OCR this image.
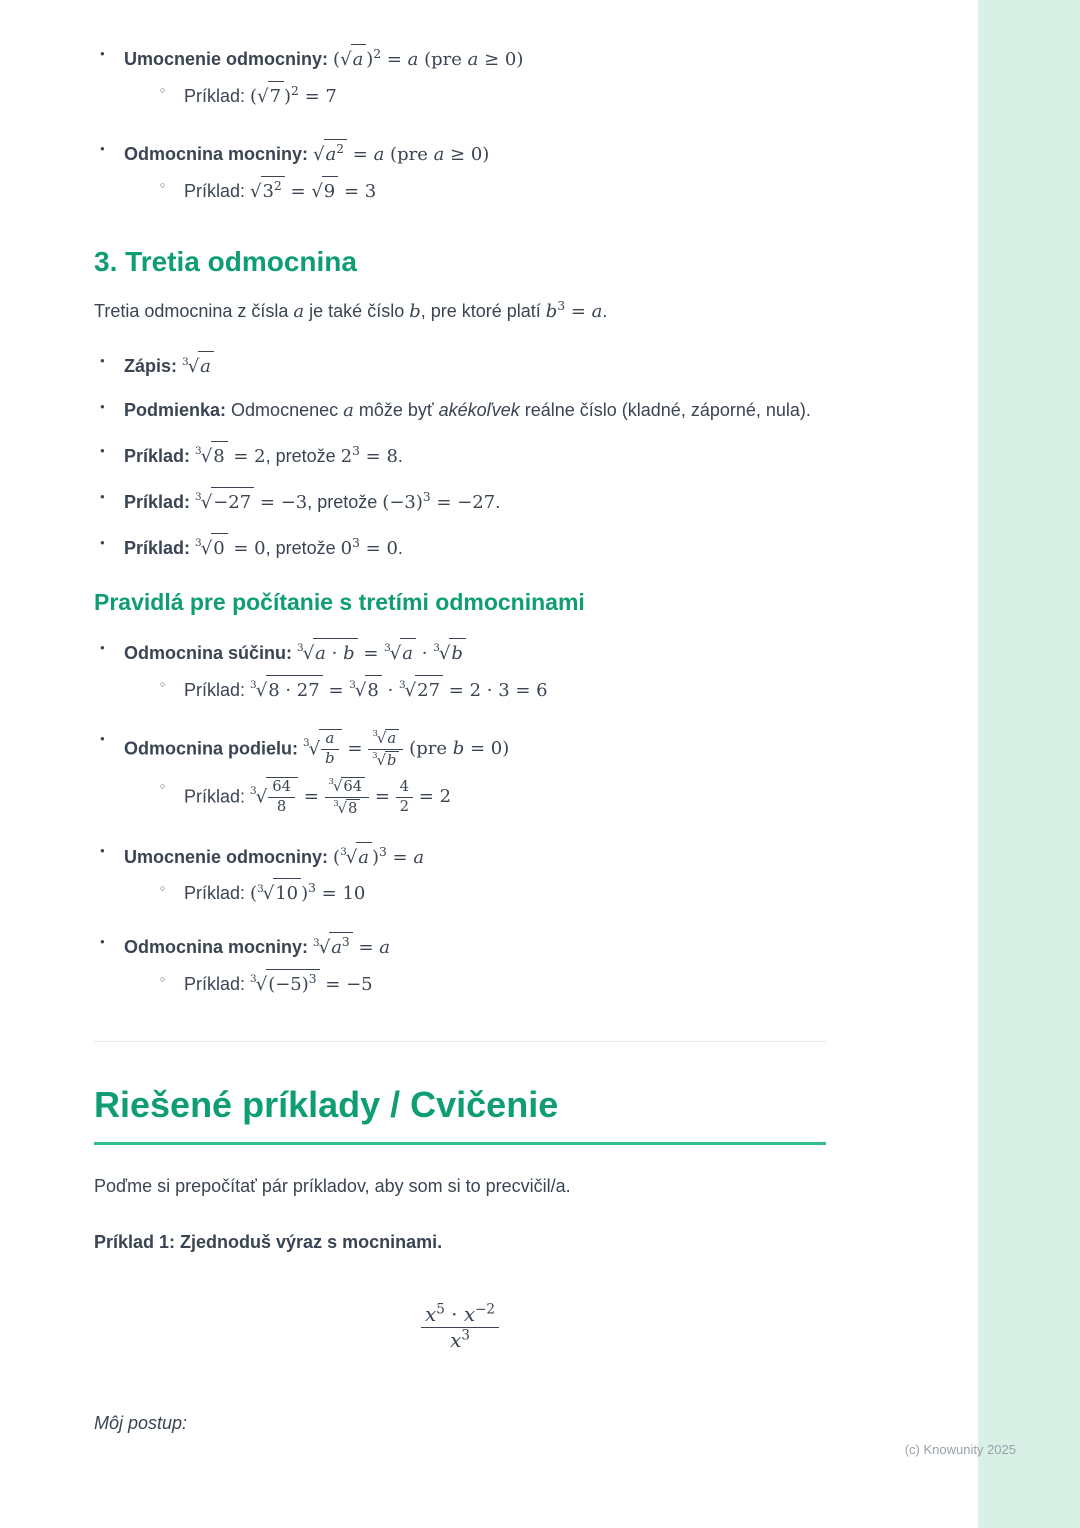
● Umocnenie odmocniny: (√a )$^2$ = a (pre a ≥ 0)
○ Príklad: (√7 )$^2$ = 7
● Odmocnina mocniny: $√a^2 = a$ (pre a ≥ 0)
○ Príklad: $√3^2 = √9 = 3$
3. Tretia odmocnina

Tretia odmocnina z čísla a je také číslo b, pre ktoré platí $b^3 = a$.

● Zápis: $^3$√a
● Podmienka: Odmocnenec a môže byť akékoľvek reálne číslo (kladné, záporné, nula).
● Príklad: $^3$√8 = 2, pretože $2^3 = 8$.
● Príklad: $^3$√−27 = −3, pretože $(-3)^3 = -27$.
● Príklad: $^3$√0 = 0, pretože $0^3 = 0$.
Pravidlá pre počítanie s tretími odmocninami
● Odmocnina súčinu: $^3$√a · b = $^3$√a · $^3$√b
○ Príklad: $^3$√8 · 27 = $^3$√8 · $^3$√27 = 2 · 3 = 6
● Odmocnina podielu: $^3√ \frac{a}{b} = \frac{^3√a}{^3√b} (pre$ b = 0)
○ Príklad: $^3√ \frac{64}{8} = \frac{^3√64}{^3√8} = \frac{4}{2} = 2$
● Umocnenie odmocniny: ($^3$√a )$^3$ = a
○ Príklad: ($^3$√10 )$^3$ = 10
● Odmocnina mocniny: $^3√a^3 = a$
○ Príklad: $^3√(-5)^3 = -5$
Riešené príklady / Cvičenie

Poďme si prepočítať pár príkladov, aby som si to precvičil/a.

Príklad 1: Zjednoduš výraz s mocninami.

$\frac{x^5 \cdot x^{-2}}{x^3}$

Môj postup:

(c) Knowunity 2025
